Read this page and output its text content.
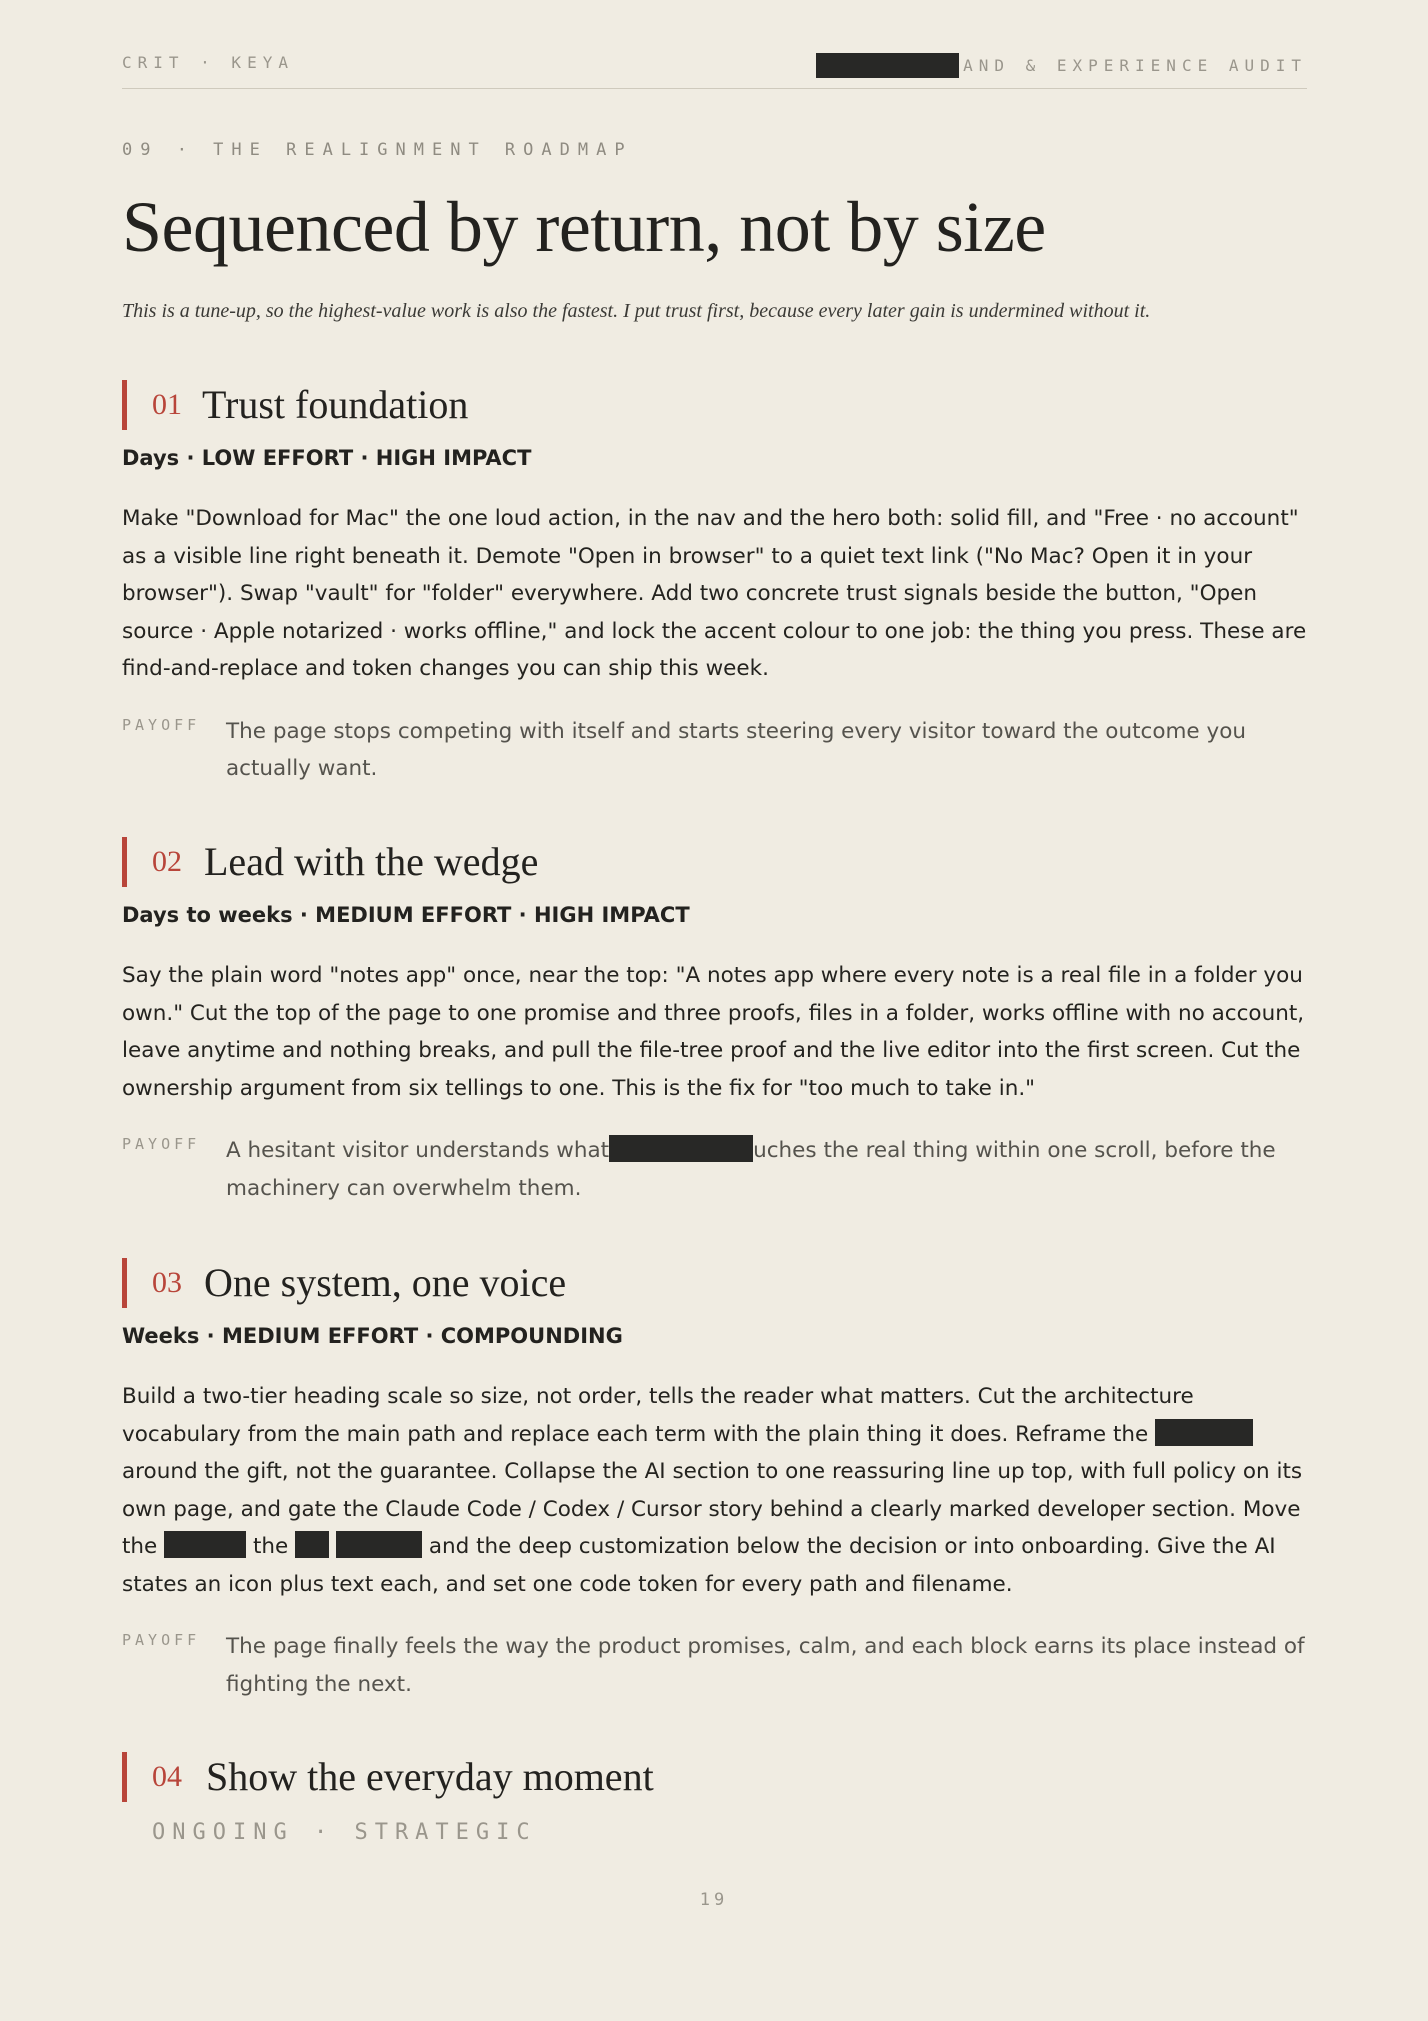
CRIT · KEYA	AND & EXPERIENCE AUDIT
09 · THE REALIGNMENT ROADMAP
Sequenced by return, not by size

This is a tune-up, so the highest-value work is also the fastest. I put trust first, because every later gain is undermined without it.

01 Trust foundation
Days · LOW EFFORT · HIGH IMPACT

Make "Download for Mac" the one loud action, in the nav and the hero both: solid fill, and "Free · no account" as a visible line right beneath it. Demote "Open in browser" to a quiet text link ("No Mac? Open it in your browser"). Swap "vault" for "folder" everywhere. Add two concrete trust signals beside the button, "Open source · Apple notarized · works offline," and lock the accent colour to one job: the thing you press. These are find-and-replace and token changes you can ship this week.

PAYOFF The page stops competing with itself and starts steering every visitor toward the outcome you actually want.

02 Lead with the wedge
Days to weeks · MEDIUM EFFORT · HIGH IMPACT

Say the plain word "notes app" once, near the top: "A notes app where every note is a real file in a folder you own." Cut the top of the page to one promise and three proofs, files in a folder, works offline with no account, leave anytime and nothing breaks, and pull the file-tree proof and the live editor into the first screen. Cut the ownership argument from six tellings to one. This is the fix for "too much to take in."

PAYOFF A hesitant visitor understands what	uches the real thing within one scroll, before the machinery can overwhelm them.

03 One system, one voice
Weeks · MEDIUM EFFORT · COMPOUNDING

Build a two-tier heading scale so size, not order, tells the reader what matters. Cut the architecture vocabulary from the main path and replace each term with the plain thing it does. Reframe the  around the gift, not the guarantee. Collapse the AI section to one reassuring line up top, with full policy on its own page, and gate the Claude Code / Codex / Cursor story behind a clearly marked developer section. Move the	the	and the deep customization below the decision or into onboarding. Give the AI states an icon plus text each, and set one code token for every path and filename.

PAYOFF The page finally feels the way the product promises, calm, and each block earns its place instead of fighting the next.

04 Show the everyday moment
ONGOING · STRATEGIC
19
